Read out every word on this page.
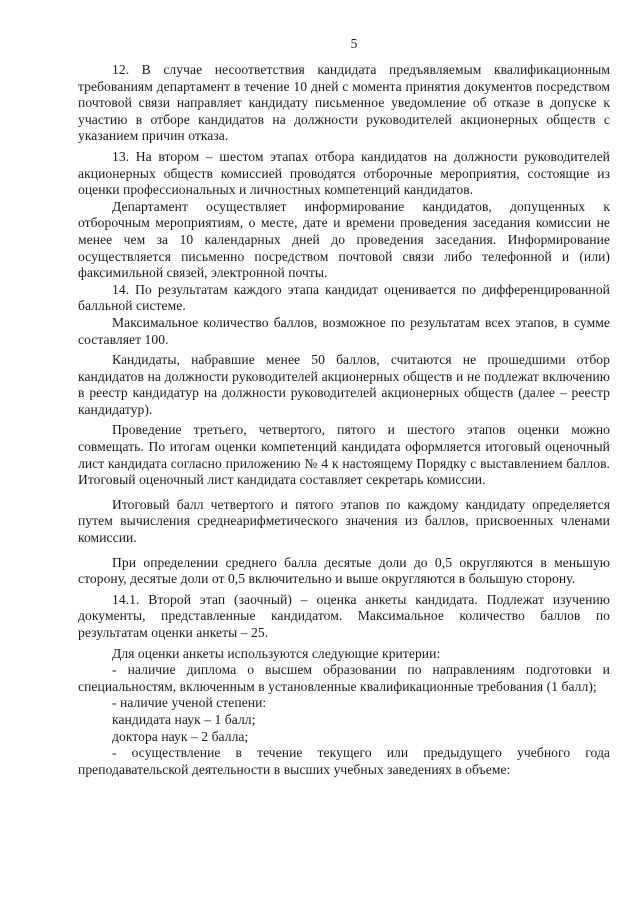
5

12. В случае несоответствия кандидата предъявляемым квалификационным требованиям департамент в течение 10 дней с момента принятия документов посредством почтовой связи направляет кандидату письменное уведомление об отказе в допуске к участию в отборе кандидатов на должности руководителей акционерных обществ с указанием причин отказа.

13. На втором – шестом этапах отбора кандидатов на должности руководителей акционерных обществ комиссией проводятся отборочные мероприятия, состоящие из оценки профессиональных и личностных компетенций кандидатов.

Департамент осуществляет информирование кандидатов, допущенных к отборочным мероприятиям, о месте, дате и времени проведения заседания комиссии не менее чем за 10 календарных дней до проведения заседания. Информирование осуществляется письменно посредством почтовой связи либо телефонной и (или) факсимильной связей, электронной почты.

14. По результатам каждого этапа кандидат оценивается по дифференцированной балльной системе.

Максимальное количество баллов, возможное по результатам всех этапов, в сумме составляет 100.

Кандидаты, набравшие менее 50 баллов, считаются не прошедшими отбор кандидатов на должности руководителей акционерных обществ и не подлежат включению в реестр кандидатур на должности руководителей акционерных обществ (далее – реестр кандидатур).

Проведение третьего, четвертого, пятого и шестого этапов оценки можно совмещать. По итогам оценки компетенций кандидата оформляется итоговый оценочный лист кандидата согласно приложению № 4 к настоящему Порядку с выставлением баллов. Итоговый оценочный лист кандидата составляет секретарь комиссии.

Итоговый балл четвертого и пятого этапов по каждому кандидату определяется путем вычисления среднеарифметического значения из баллов, присвоенных членами комиссии.

При определении среднего балла десятые доли до 0,5 округляются в меньшую сторону, десятые доли от 0,5 включительно и выше округляются в большую сторону.

14.1. Второй этап (заочный) – оценка анкеты кандидата. Подлежат изучению документы, представленные кандидатом. Максимальное количество баллов по результатам оценки анкеты – 25.

Для оценки анкеты используются следующие критерии:

- наличие диплома о высшем образовании по направлениям подготовки и специальностям, включенным в установленные квалификационные требования (1 балл);

- наличие ученой степени:

кандидата наук – 1 балл;

доктора наук – 2 балла;

- осуществление в течение текущего или предыдущего учебного года преподавательской деятельности в высших учебных заведениях в объеме:
